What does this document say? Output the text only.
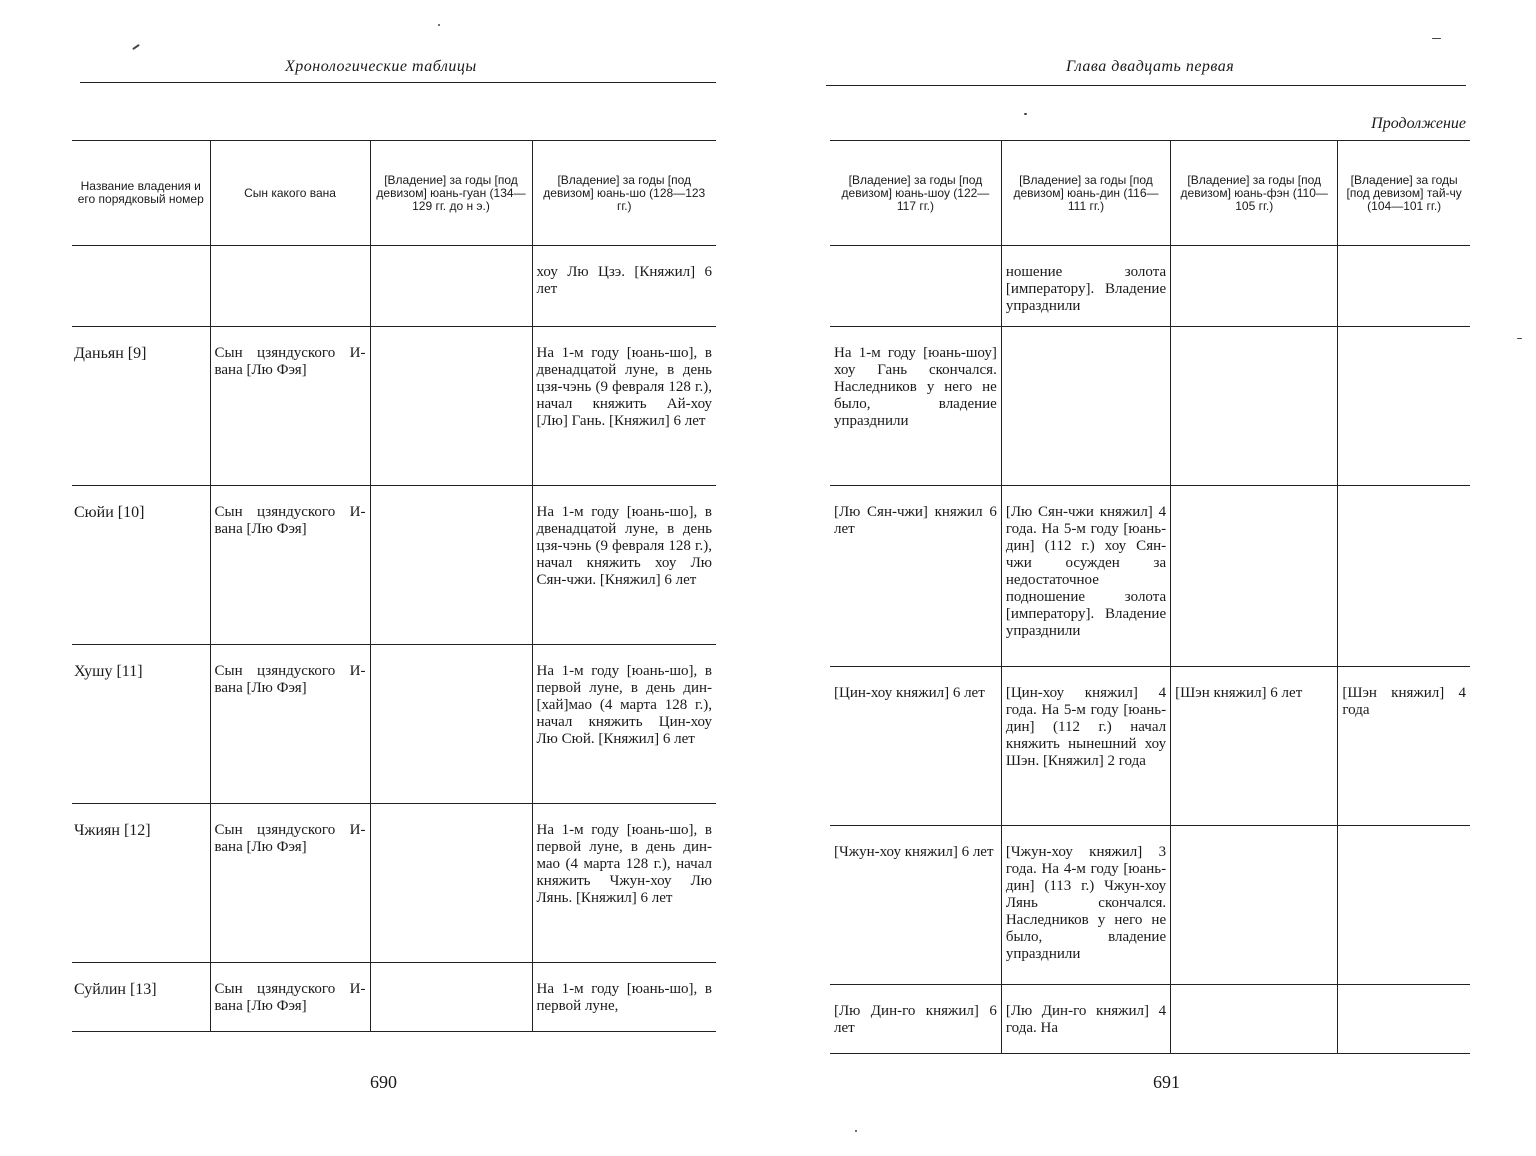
Хронологические таблицы
Название владения и его порядковый номер	Сын какого вана	[Владение] за годы [под девизом] юань-гуан (134—129 гг. до н э.)	[Владение] за годы [под девизом] юань-шо (128—123 гг.)
			хоу Лю Цзэ. [Княжил] 6 лет
Даньян [9]	Сын цзяндуского И-вана [Лю Фэя]		На 1-м году [юань-шо], в двенадцатой луне, в день цзя-чэнь (9 февраля 128 г.), начал княжить Ай-хоу [Лю] Гань. [Княжил] 6 лет
Сюйи [10]	Сын цзяндуского И-вана [Лю Фэя]		На 1-м году [юань-шо], в двенадцатой луне, в день цзя-чэнь (9 февраля 128 г.), начал княжить хоу Лю Сян-чжи. [Княжил] 6 лет
Хушу [11]	Сын цзяндуского И-вана [Лю Фэя]		На 1-м году [юань-шо], в первой луне, в день дин-[хай]мао (4 марта 128 г.), начал княжить Цин-хоу Лю Сюй. [Княжил] 6 лет
Чжиян [12]	Сын цзяндуского И-вана [Лю Фэя]		На 1-м году [юань-шо], в первой луне, в день дин-мао (4 марта 128 г.), начал княжить Чжун-хоу Лю Лянь. [Княжил] 6 лет
Суйлин [13]	Сын цзяндуского И-вана [Лю Фэя]		На 1-м году [юань-шо], в первой луне,
690
Глава двадцать первая
Продолжение
[Владение] за годы [под девизом] юань-шоу (122—117 гг.)	[Владение] за годы [под девизом] юань-дин (116—111 гг.)	[Владение] за годы [под девизом] юань-фэн (110—105 гг.)	[Владение] за годы [под девизом] тай-чу (104—101 гг.)
	ношение золота [императору]. Владение упразднили		
На 1-м году [юань-шоу] хоу Гань скончался. Наследников у него не было, владение упразднили			
[Лю Сян-чжи] княжил 6 лет	[Лю Сян-чжи княжил] 4 года. На 5-м году [юань-дин] (112 г.) хоу Сян-чжи осужден за недостаточное подношение золота [императору]. Владение упразднили		
[Цин-хоу княжил] 6 лет	[Цин-хоу княжил] 4 года. На 5-м году [юань-дин] (112 г.) начал княжить нынешний хоу Шэн. [Княжил] 2 года	[Шэн княжил] 6 лет	[Шэн княжил] 4 года
[Чжун-хоу княжил] 6 лет	[Чжун-хоу княжил] 3 года. На 4-м году [юань-дин] (113 г.) Чжун-хоу Лянь скончался. Наследников у него не было, владение упразднили		
[Лю Дин-го княжил] 6 лет	[Лю Дин-го княжил] 4 года. На		
691
